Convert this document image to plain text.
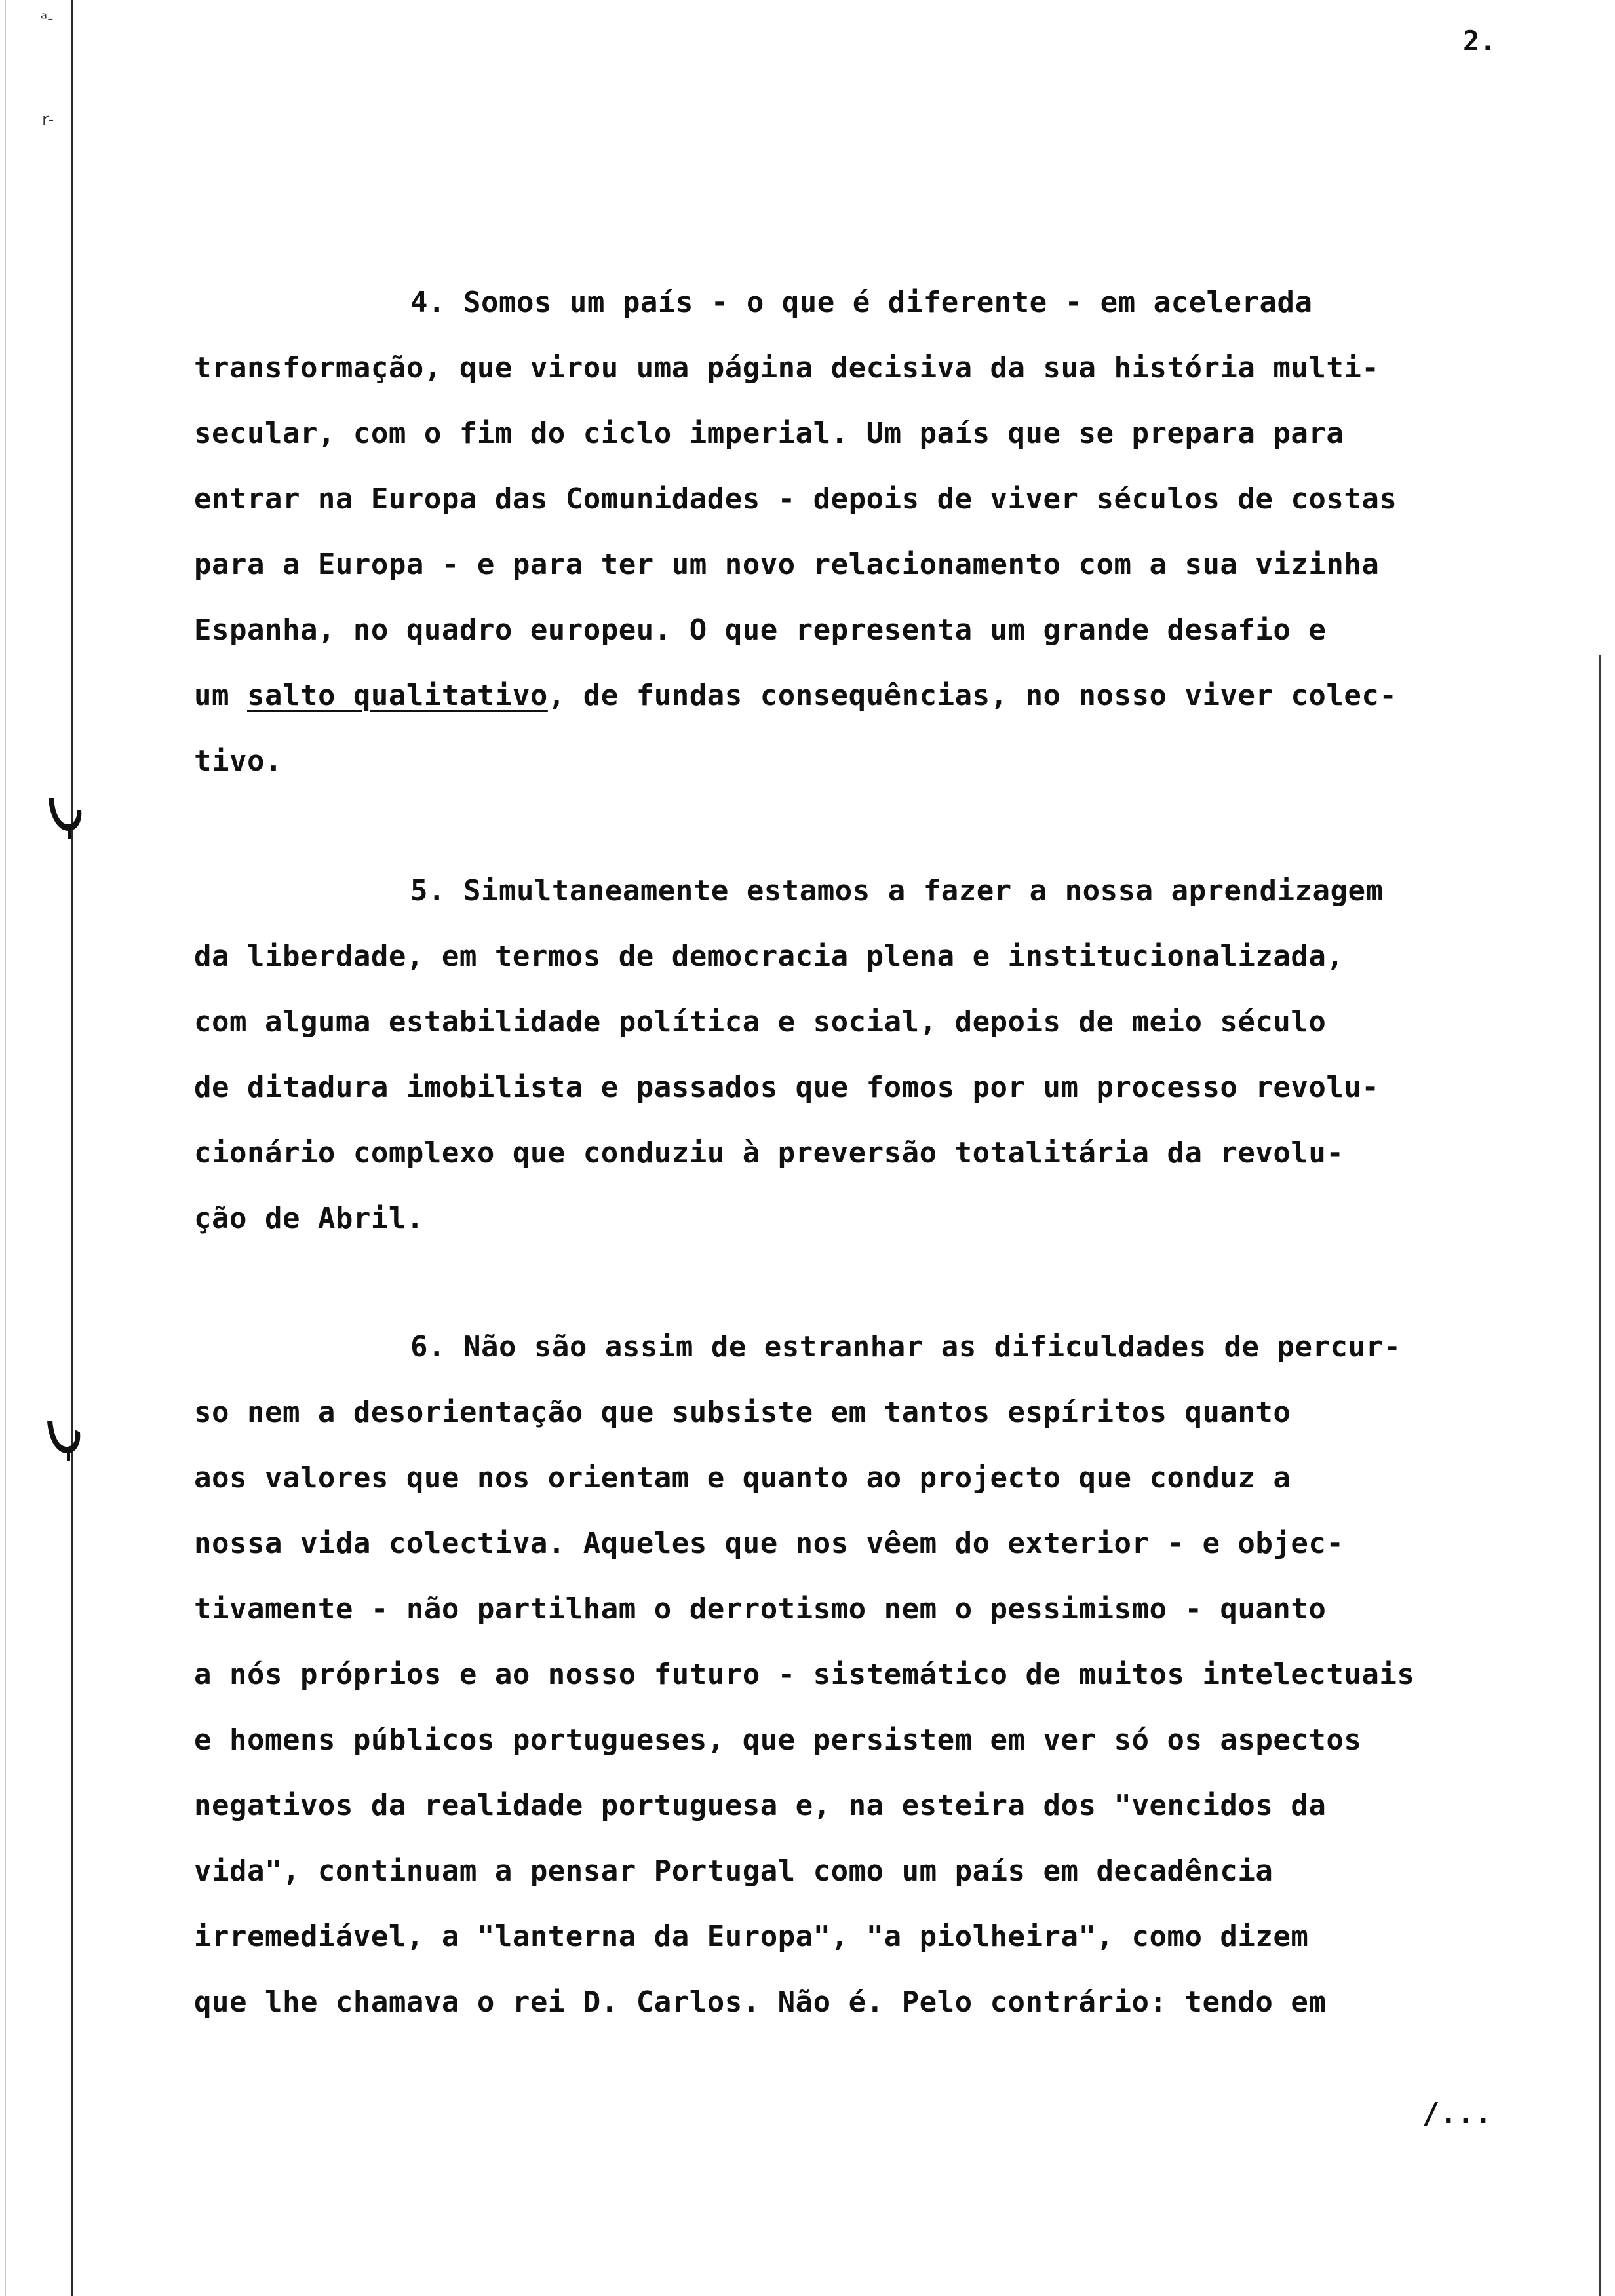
ᵃ-
r-
2.
4. Somos um país - o que é diferente - em acelerada
transformação, que virou uma página decisiva da sua história multi-
secular, com o fim do ciclo imperial. Um país que se prepara para
entrar na Europa das Comunidades - depois de viver séculos de costas
para a Europa - e para ter um novo relacionamento com a sua vizinha
Espanha, no quadro europeu. O que representa um grande desafio e
um salto qualitativo, de fundas consequências, no nosso viver colec-
tivo.
5. Simultaneamente estamos a fazer a nossa aprendizagem
da liberdade, em termos de democracia plena e institucionalizada,
com alguma estabilidade política e social, depois de meio século
de ditadura imobilista e passados que fomos por um processo revolu-
cionário complexo que conduziu à preversão totalitária da revolu-
ção de Abril.
6. Não são assim de estranhar as dificuldades de percur-
so nem a desorientação que subsiste em tantos espíritos quanto
aos valores que nos orientam e quanto ao projecto que conduz a
nossa vida colectiva. Aqueles que nos vêem do exterior - e objec-
tivamente - não partilham o derrotismo nem o pessimismo - quanto
a nós próprios e ao nosso futuro - sistemático de muitos intelectuais
e homens públicos portugueses, que persistem em ver só os aspectos
negativos da realidade portuguesa e, na esteira dos "vencidos da
vida", continuam a pensar Portugal como um país em decadência
irremediável, a "lanterna da Europa", "a piolheira", como dizem
que lhe chamava o rei D. Carlos. Não é. Pelo contrário: tendo em
/...
